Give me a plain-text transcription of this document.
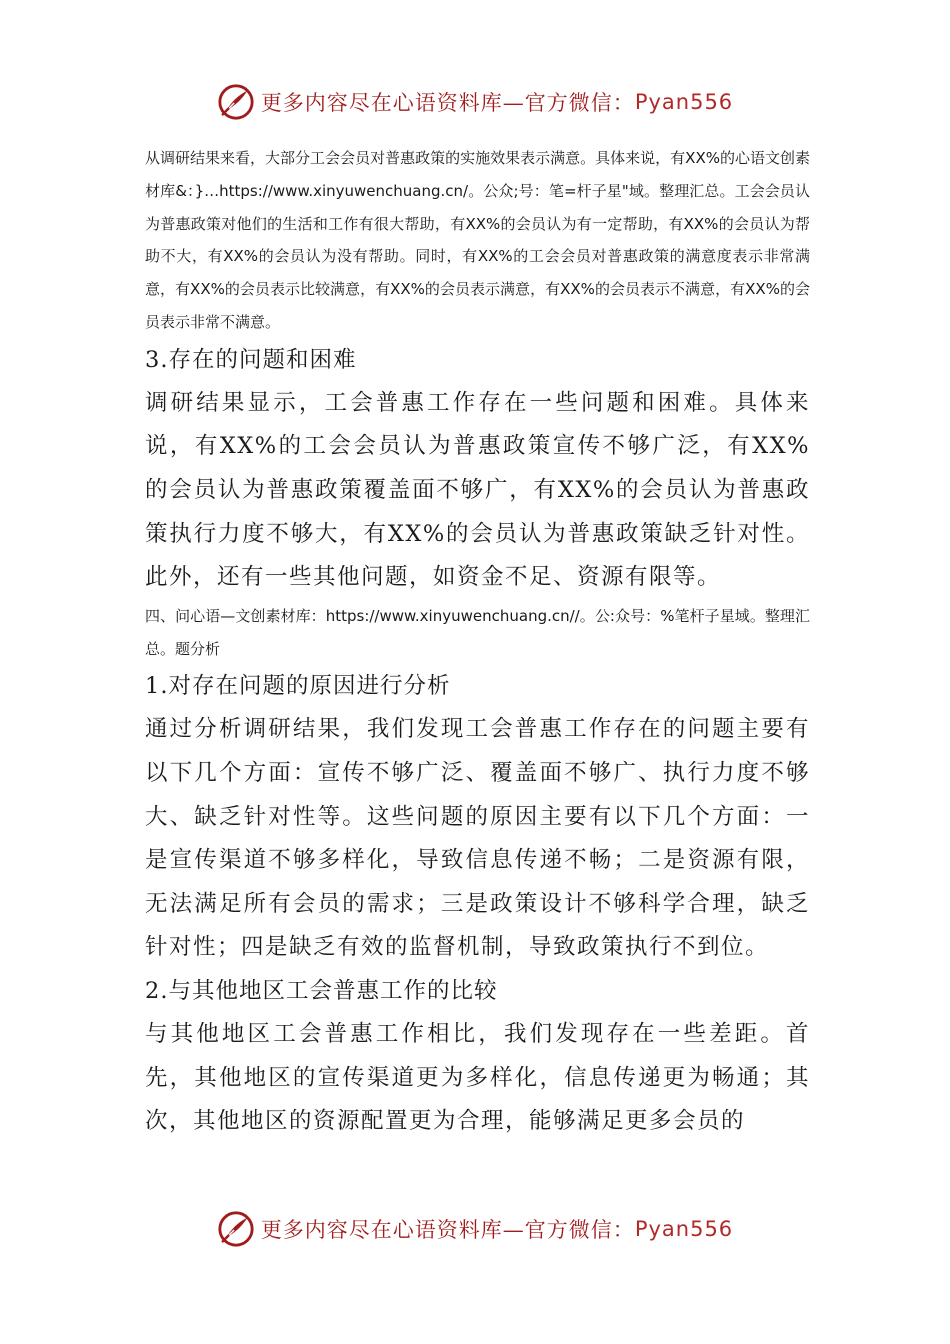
更多内容尽在心语资料库—官方微信： Pyan556

从调研结果来看，大部分工会会员对普惠政策的实施效果表示满意。具体来说，有XX%的心语文创素材库&：}…https://www.xinyuwenchuang.cn/。公众;号：笔=杆子星"域。整理汇总。工会会员认为普惠政策对他们的生活和工作有很大帮助，有XX%的会员认为有一定帮助，有XX%的会员认为帮助不大，有XX%的会员认为没有帮助。同时，有XX%的工会会员对普惠政策的满意度表示非常满意，有XX%的会员表示比较满意，有XX%的会员表示满意，有XX%的会员表示不满意，有XX%的会员表示非常不满意。

3.存在的问题和困难

调研结果显示，工会普惠工作存在一些问题和困难。具体来说，有XX%的工会会员认为普惠政策宣传不够广泛，有XX%的会员认为普惠政策覆盖面不够广，有XX%的会员认为普惠政策执行力度不够大，有XX%的会员认为普惠政策缺乏针对性。此外，还有一些其他问题，如资金不足、资源有限等。

四、问心语—文创素材库：https://www.xinyuwenchuang.cn//。公:众号：%笔杆子星域。整理汇总。题分析

1.对存在问题的原因进行分析

通过分析调研结果，我们发现工会普惠工作存在的问题主要有以下几个方面：宣传不够广泛、覆盖面不够广、执行力度不够大、缺乏针对性等。这些问题的原因主要有以下几个方面：一是宣传渠道不够多样化，导致信息传递不畅；二是资源有限，无法满足所有会员的需求；三是政策设计不够科学合理，缺乏针对性；四是缺乏有效的监督机制，导致政策执行不到位。

2.与其他地区工会普惠工作的比较

与其他地区工会普惠工作相比，我们发现存在一些差距。首先，其他地区的宣传渠道更为多样化，信息传递更为畅通；其次，其他地区的资源配置更为合理，能够满足更多会员的

更多内容尽在心语资料库—官方微信： Pyan556
